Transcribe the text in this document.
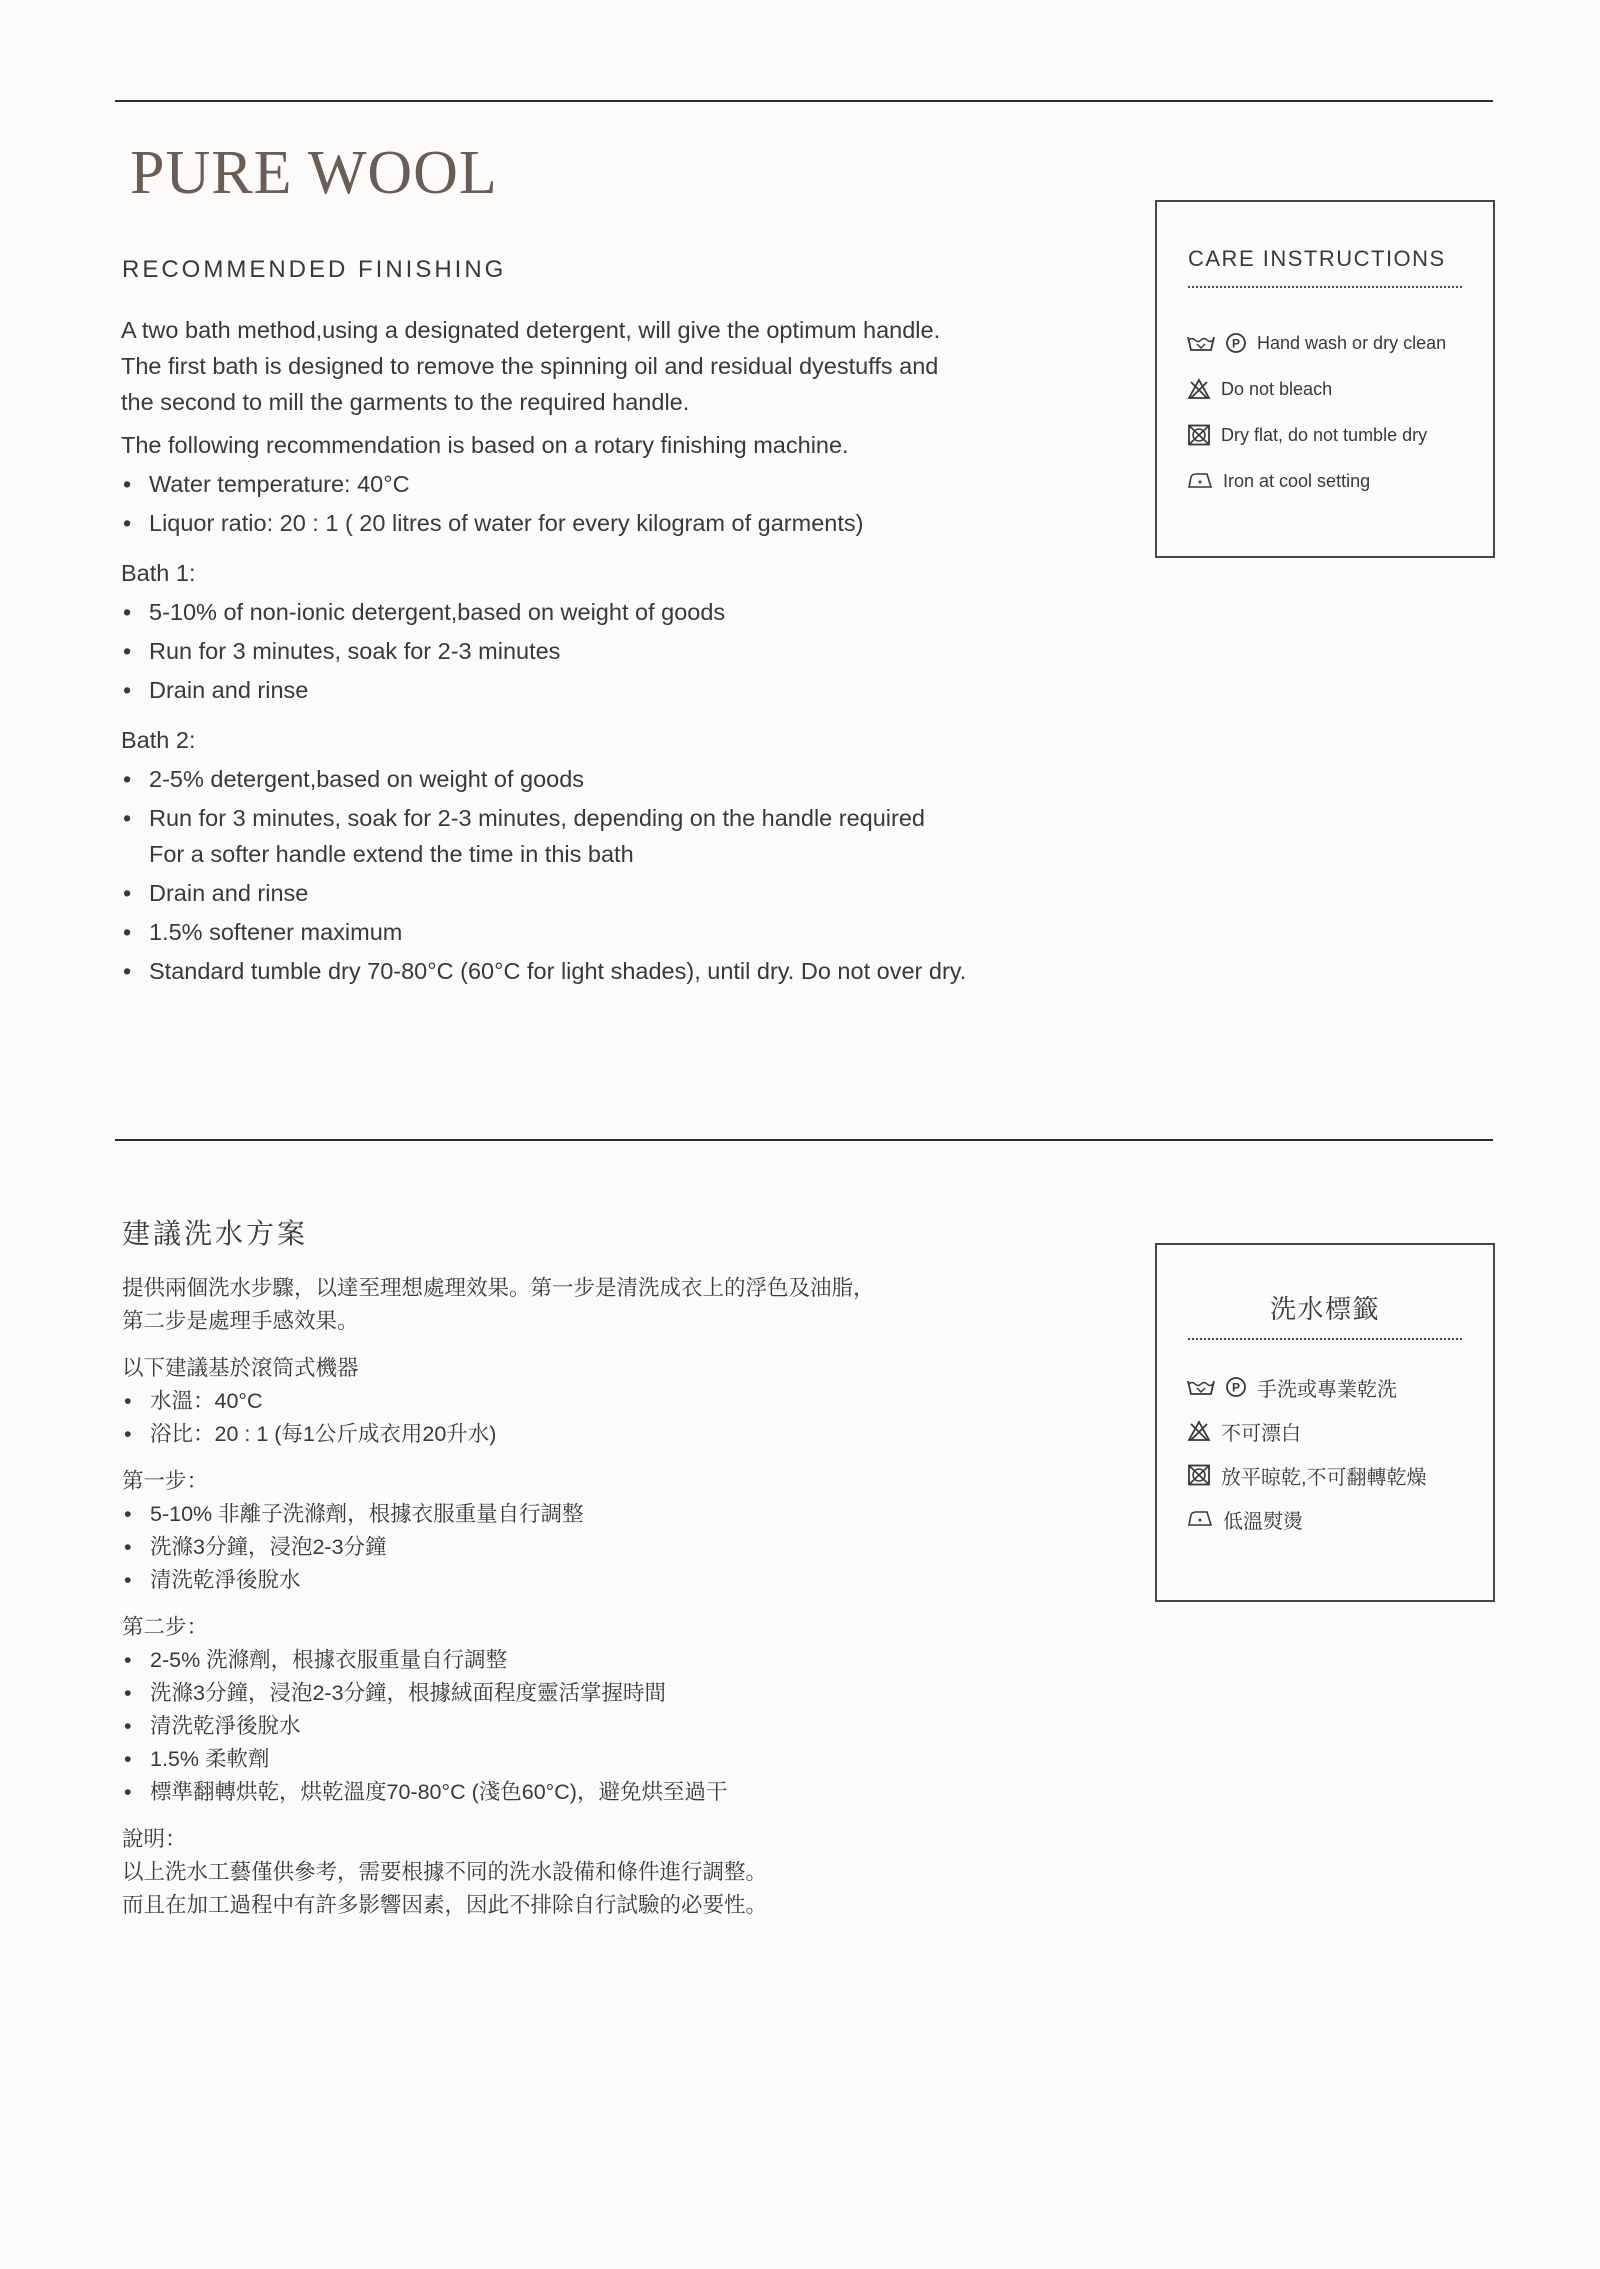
PURE WOOL
RECOMMENDED FINISHING

A two bath method,using a designated detergent, will give the optimum handle.

The first bath is designed to remove the spinning oil and residual dyestuffs and

the second to mill the garments to the required handle.

The following recommendation is based on a rotary finishing machine.

• Water temperature: 40°C
• Liquor ratio: 20 : 1 ( 20 litres of water for every kilogram of garments)

Bath 1:

• 5-10% of non-ionic detergent,based on weight of goods
• Run for 3 minutes, soak for 2-3 minutes
• Drain and rinse

Bath 2:

• 2-5% detergent,based on weight of goods
• Run for 3 minutes, soak for 2-3 minutes, depending on the handle required
For a softer handle extend the time in this bath
• Drain and rinse
• 1.5% softener maximum
• Standard tumble dry 70-80°C (60°C for light shades), until dry. Do not over dry.
CARE INSTRUCTIONS
P Hand wash or dry clean
Do not bleach
Dry flat, do not tumble dry
Iron at cool setting
建議洗水方案

提供兩個洗水步驟，以達至理想處理效果。第一步是清洗成衣上的浮色及油脂，

第二步是處理手感效果。

以下建議基於滾筒式機器

• 水溫：40°C
• 浴比：20 : 1 (每1公斤成衣用20升水)

第一步：

• 5-10% 非離子洗滌劑，根據衣服重量自行調整
• 洗滌3分鐘，浸泡2-3分鐘
• 清洗乾淨後脫水

第二步：

• 2-5% 洗滌劑，根據衣服重量自行調整
• 洗滌3分鐘，浸泡2-3分鐘，根據絨面程度靈活掌握時間
• 清洗乾淨後脫水
• 1.5% 柔軟劑
• 標準翻轉烘乾，烘乾溫度70-80°C (淺色60°C)，避免烘至過干

說明：

以上洗水工藝僅供參考，需要根據不同的洗水設備和條件進行調整。

而且在加工過程中有許多影響因素，因此不排除自行試驗的必要性。

洗水標籤
P 手洗或專業乾洗
不可漂白
放平晾乾,不可翻轉乾燥
低溫熨燙
